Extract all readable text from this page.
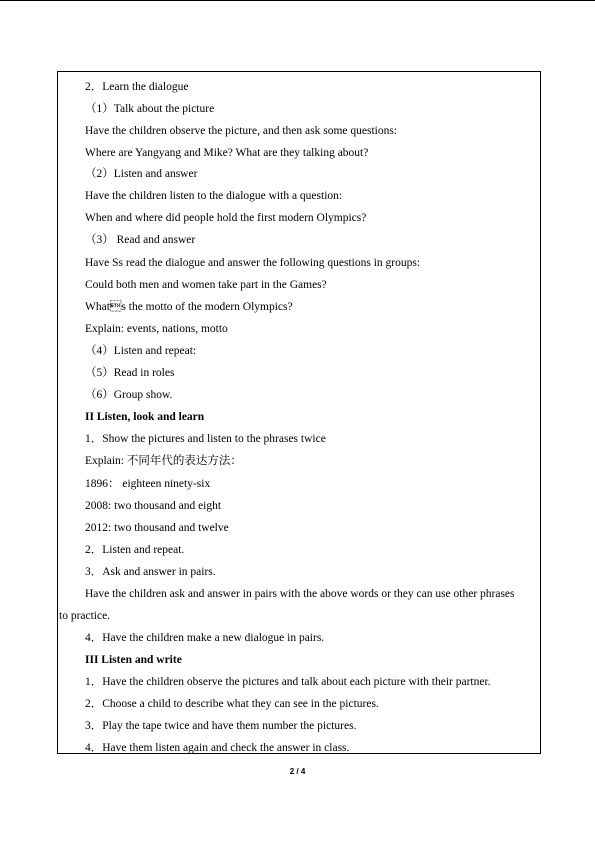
2．Learn the dialogue
（1）Talk about the picture
Have the children observe the picture, and then ask some questions:
Where are Yangyang and Mike? What are they talking about?
（2）Listen and answer
Have the children listen to the dialogue with a question:
When and where did people hold the first modern Olympics?
（3） Read and answer
Have Ss read the dialogue and answer the following questions in groups:
Could both men and women take part in the Games?
Whats the motto of the modern Olympics?
Explain: events, nations, motto
（4）Listen and repeat:
（5）Read in roles
（6）Group show.
II Listen, look and learn
1．Show the pictures and listen to the phrases twice
Explain: 不同年代的表达方法：
1896： eighteen ninety-six
2008: two thousand and eight
2012: two thousand and twelve
2．Listen and repeat.
3．Ask and answer in pairs.
Have the children ask and answer in pairs with the above words or they can use other phrases
to practice.
4．Have the children make a new dialogue in pairs.
III Listen and write
1．Have the children observe the pictures and talk about each picture with their partner.
2．Choose a child to describe what they can see in the pictures.
3．Play the tape twice and have them number the pictures.
4．Have them listen again and check the answer in class.
2 / 4
